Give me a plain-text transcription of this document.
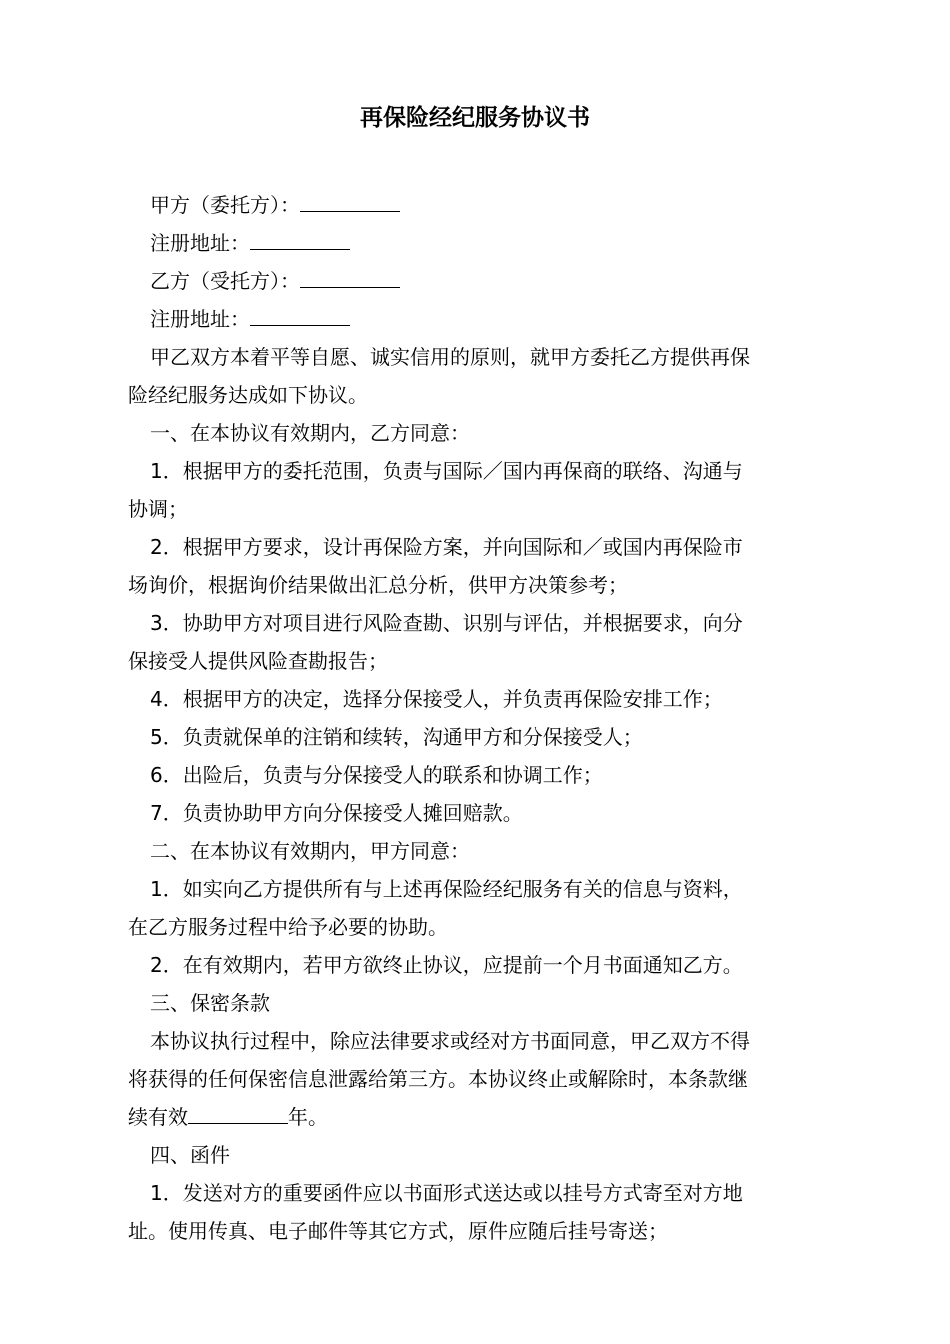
再保险经纪服务协议书

甲方（委托方）：

注册地址：

乙方（受托方）：

注册地址：

甲乙双方本着平等自愿、诚实信用的原则，就甲方委托乙方提供再保

险经纪服务达成如下协议。

一、在本协议有效期内，乙方同意：

1．根据甲方的委托范围，负责与国际／国内再保商的联络、沟通与

协调；

2．根据甲方要求，设计再保险方案，并向国际和／或国内再保险市

场询价，根据询价结果做出汇总分析，供甲方决策参考；

3．协助甲方对项目进行风险查勘、识别与评估，并根据要求，向分

保接受人提供风险查勘报告；

4．根据甲方的决定，选择分保接受人，并负责再保险安排工作；

5．负责就保单的注销和续转，沟通甲方和分保接受人；

6．出险后，负责与分保接受人的联系和协调工作；

7．负责协助甲方向分保接受人摊回赔款。

二、在本协议有效期内，甲方同意：

1．如实向乙方提供所有与上述再保险经纪服务有关的信息与资料，

在乙方服务过程中给予必要的协助。

2．在有效期内，若甲方欲终止协议，应提前一个月书面通知乙方。

三、保密条款

本协议执行过程中，除应法律要求或经对方书面同意，甲乙双方不得

将获得的任何保密信息泄露给第三方。本协议终止或解除时，本条款继

续有效	年。

四、函件

1．发送对方的重要函件应以书面形式送达或以挂号方式寄至对方地

址。使用传真、电子邮件等其它方式，原件应随后挂号寄送；
